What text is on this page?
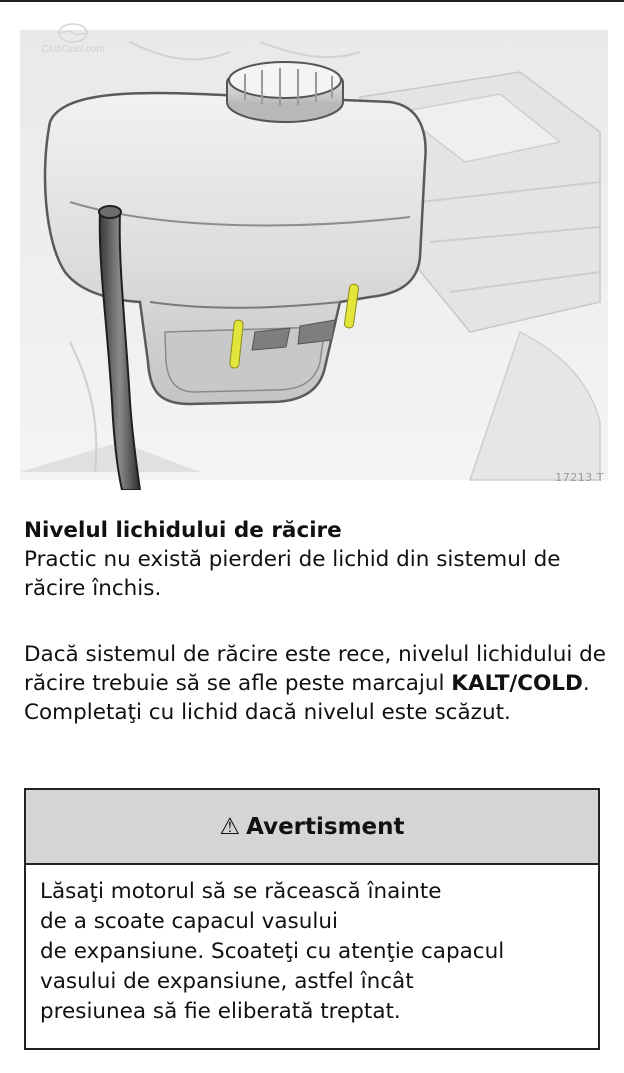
ClubOpel.com
17213 T
Nivelul lichidului de răcire
Practic nu există pierderi de lichid din sistemul de răcire închis.
Dacă sistemul de răcire este rece, nivelul lichidului de răcire trebuie să se afle peste marcajul KALT/COLD. Completaţi cu lichid dacă nivelul este scăzut.
⚠ Avertisment
Lăsaţi motorul să se răcească înainte
de a scoate capacul vasului
de expansiune. Scoateţi cu atenţie capacul
vasului de expansiune, astfel încât
presiunea să fie eliberată treptat.
